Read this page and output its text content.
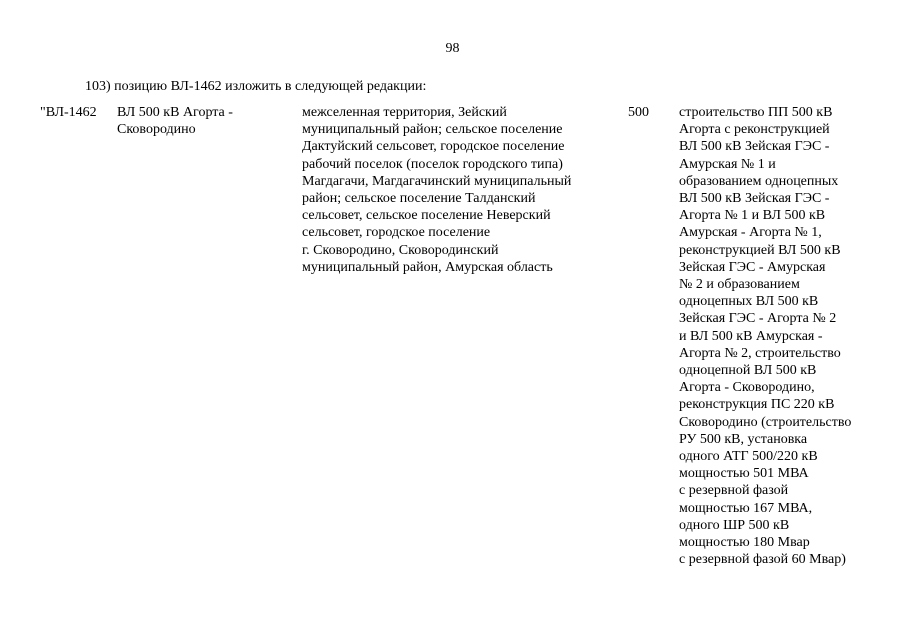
98
103) позицию ВЛ-1462 изложить в следующей редакции:
"ВЛ-1462	ВЛ 500 кВ Агорта -
Сковородино
межселенная территория, Зейский
муниципальный район; сельское поселение
Дактуйский сельсовет, городское поселение
рабочий поселок (поселок городского типа)
Магдагачи, Магдагачинский муниципальный
район; сельское поселение Талданский
сельсовет, сельское поселение Неверский
сельсовет, городское поселение
г. Сковородино, Сковородинский
муниципальный район, Амурская область
500	строительство ПП 500 кВ
Агорта с реконструкцией
ВЛ 500 кВ Зейская ГЭС -
Амурская № 1 и
образованием одноцепных
ВЛ 500 кВ Зейская ГЭС -
Агорта № 1 и ВЛ 500 кВ
Амурская - Агорта № 1,
реконструкцией ВЛ 500 кВ
Зейская ГЭС - Амурская
№ 2 и образованием
одноцепных ВЛ 500 кВ
Зейская ГЭС - Агорта № 2
и ВЛ 500 кВ Амурская -
Агорта № 2, строительство
одноцепной ВЛ 500 кВ
Агорта - Сковородино,
реконструкция ПС 220 кВ
Сковородино (строительство
РУ 500 кВ, установка
одного АТГ 500/220 кВ
мощностью 501 МВА
с резервной фазой
мощностью 167 МВА,
одного ШР 500 кВ
мощностью 180 Мвар
с резервной фазой 60 Мвар)
